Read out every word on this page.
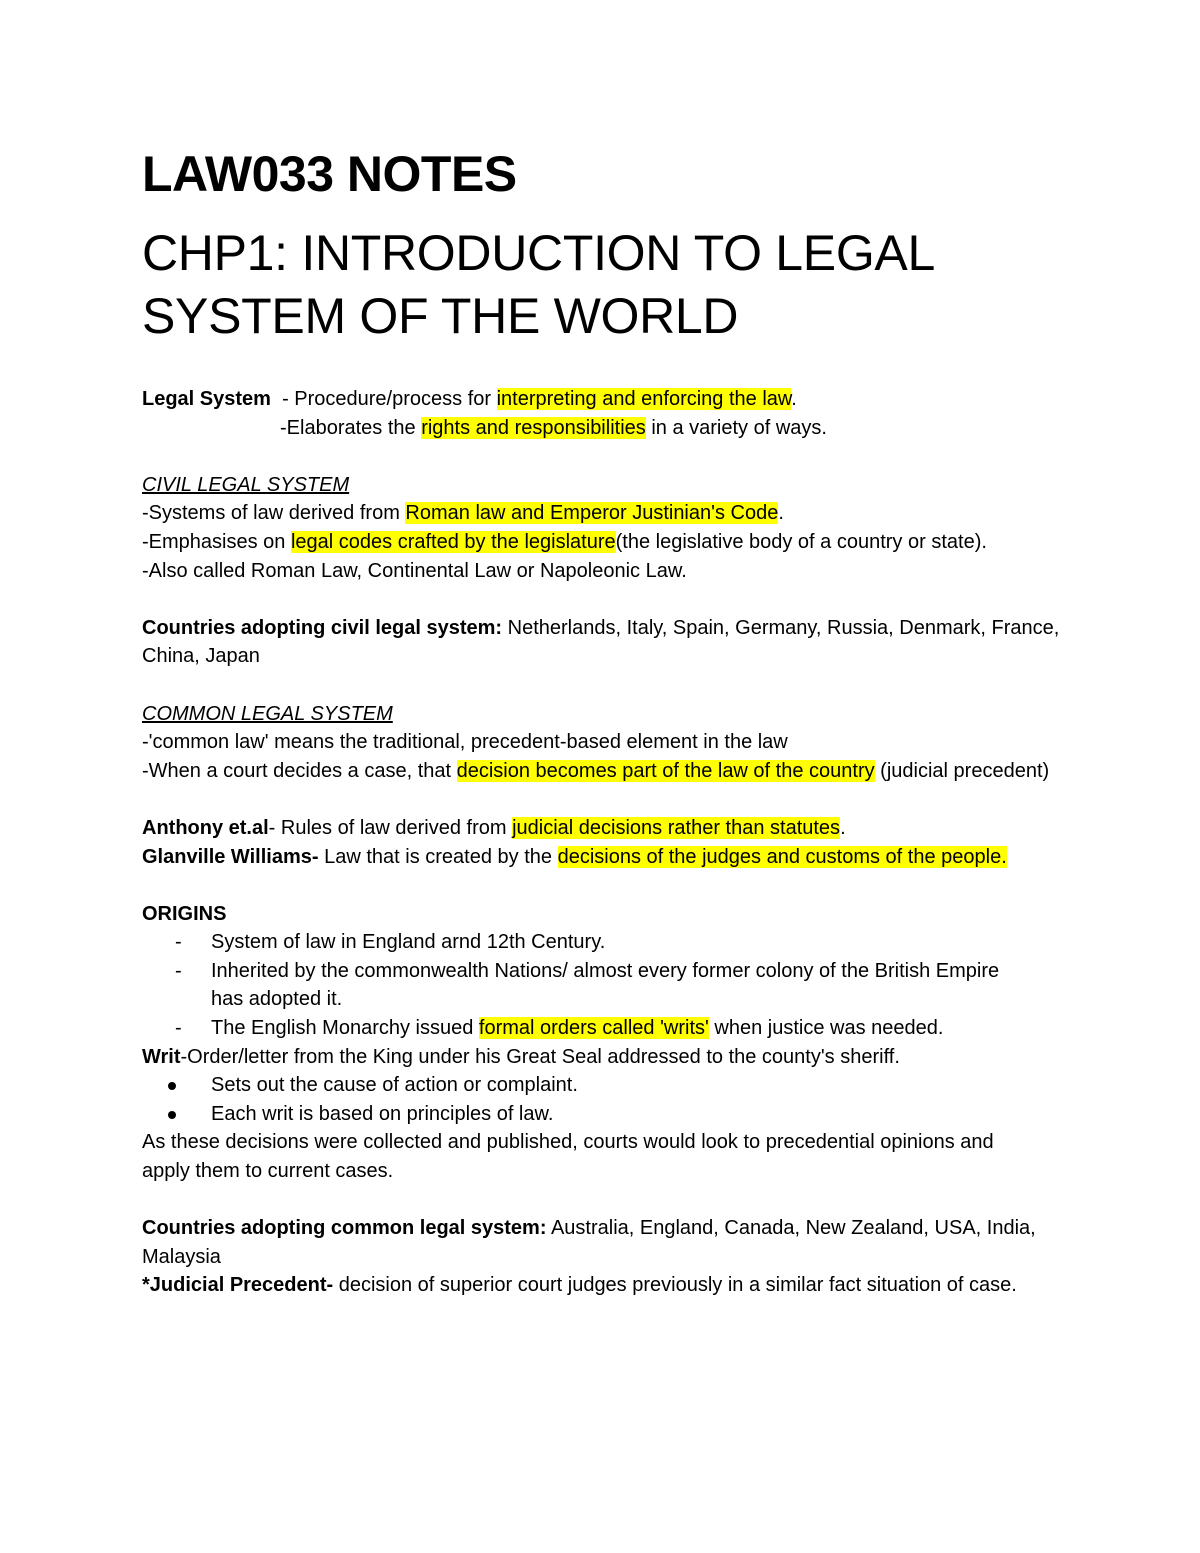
LAW033 NOTES
CHP1: INTRODUCTION TO LEGAL SYSTEM OF THE WORLD
Legal System  - Procedure/process for interpreting and enforcing the law.
-Elaborates the rights and responsibilities in a variety of ways.
CIVIL LEGAL SYSTEM
-Systems of law derived from Roman law and Emperor Justinian's Code.
-Emphasises on legal codes crafted by the legislature(the legislative body of a country or state).
-Also called Roman Law, Continental Law or Napoleonic Law.
Countries adopting civil legal system: Netherlands, Italy, Spain, Germany, Russia, Denmark, France, China, Japan
COMMON LEGAL SYSTEM
-'common law' means the traditional, precedent-based element in the law
-When a court decides a case, that decision becomes part of the law of the country (judicial precedent)
Anthony et.al- Rules of law derived from judicial decisions rather than statutes.
Glanville Williams- Law that is created by the decisions of the judges and customs of the people.
ORIGINS
- System of law in England arnd 12th Century.
- Inherited by the commonwealth Nations/ almost every former colony of the British Empire has adopted it.
- The English Monarchy issued formal orders called 'writs' when justice was needed.
Writ-Order/letter from the King under his Great Seal addressed to the county's sheriff.
Sets out the cause of action or complaint.
Each writ is based on principles of law.
As these decisions were collected and published, courts would look to precedential opinions and apply them to current cases.
Countries adopting common legal system: Australia, England, Canada, New Zealand, USA, India, Malaysia
*Judicial Precedent- decision of superior court judges previously in a similar fact situation of case.
